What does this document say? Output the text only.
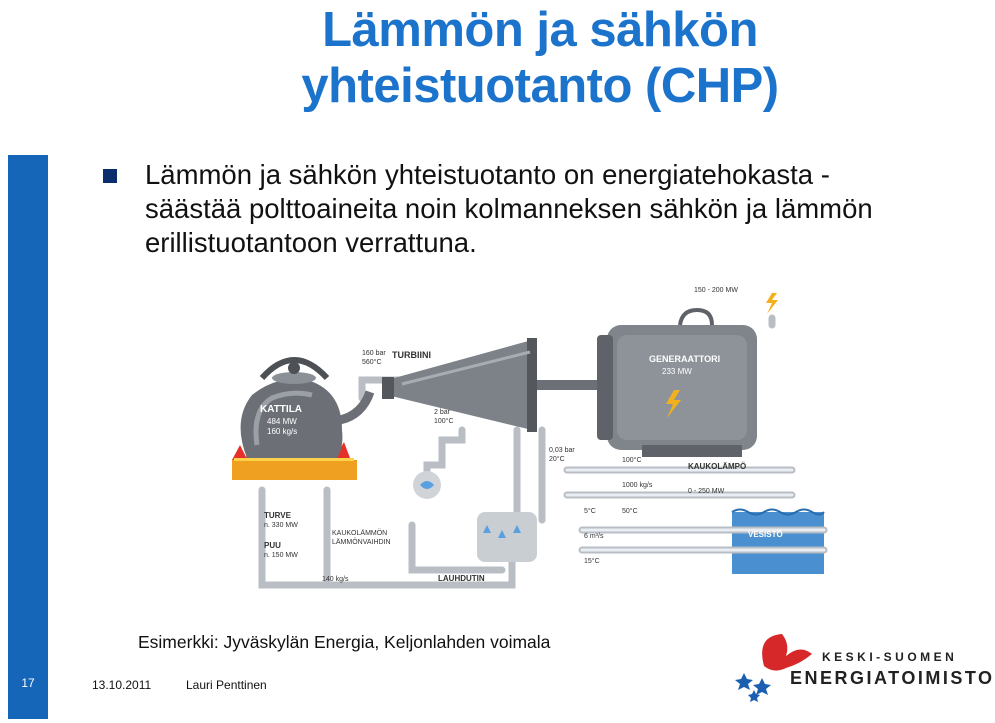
17
Lämmön ja sähkön
yhteistuotanto (CHP)
Lämmön ja sähkön yhteistuotanto on energiatehokasta -
säästää polttoaineita noin kolmanneksen sähkön ja lämmön
erillistuotantoon verrattuna.
KATTILA
484 MW
160 kg/s
TURBIINI
160 bar
560°C
2 bar
100°C
GENERAATTORI
233 MW
150 - 200 MW
0,03 bar
20°C	100°C
KAUKOLÄMPÖ
1000 kg/s
0 - 250 MW
5°C	50°C
6 m³/s
15°C
VESISTÖ
TURVE
n. 330 MW
PUU
n. 150 MW
KAUKOLÄMMÖN
LÄMMÖNVAIHDIN
LAUHDUTIN
140 kg/s
Esimerkki: Jyväskylän Energia, Keljonlahden voimala
13.10.2011	Lauri Penttinen
KESKI-SUOMEN
ENERGIATOIMISTO
